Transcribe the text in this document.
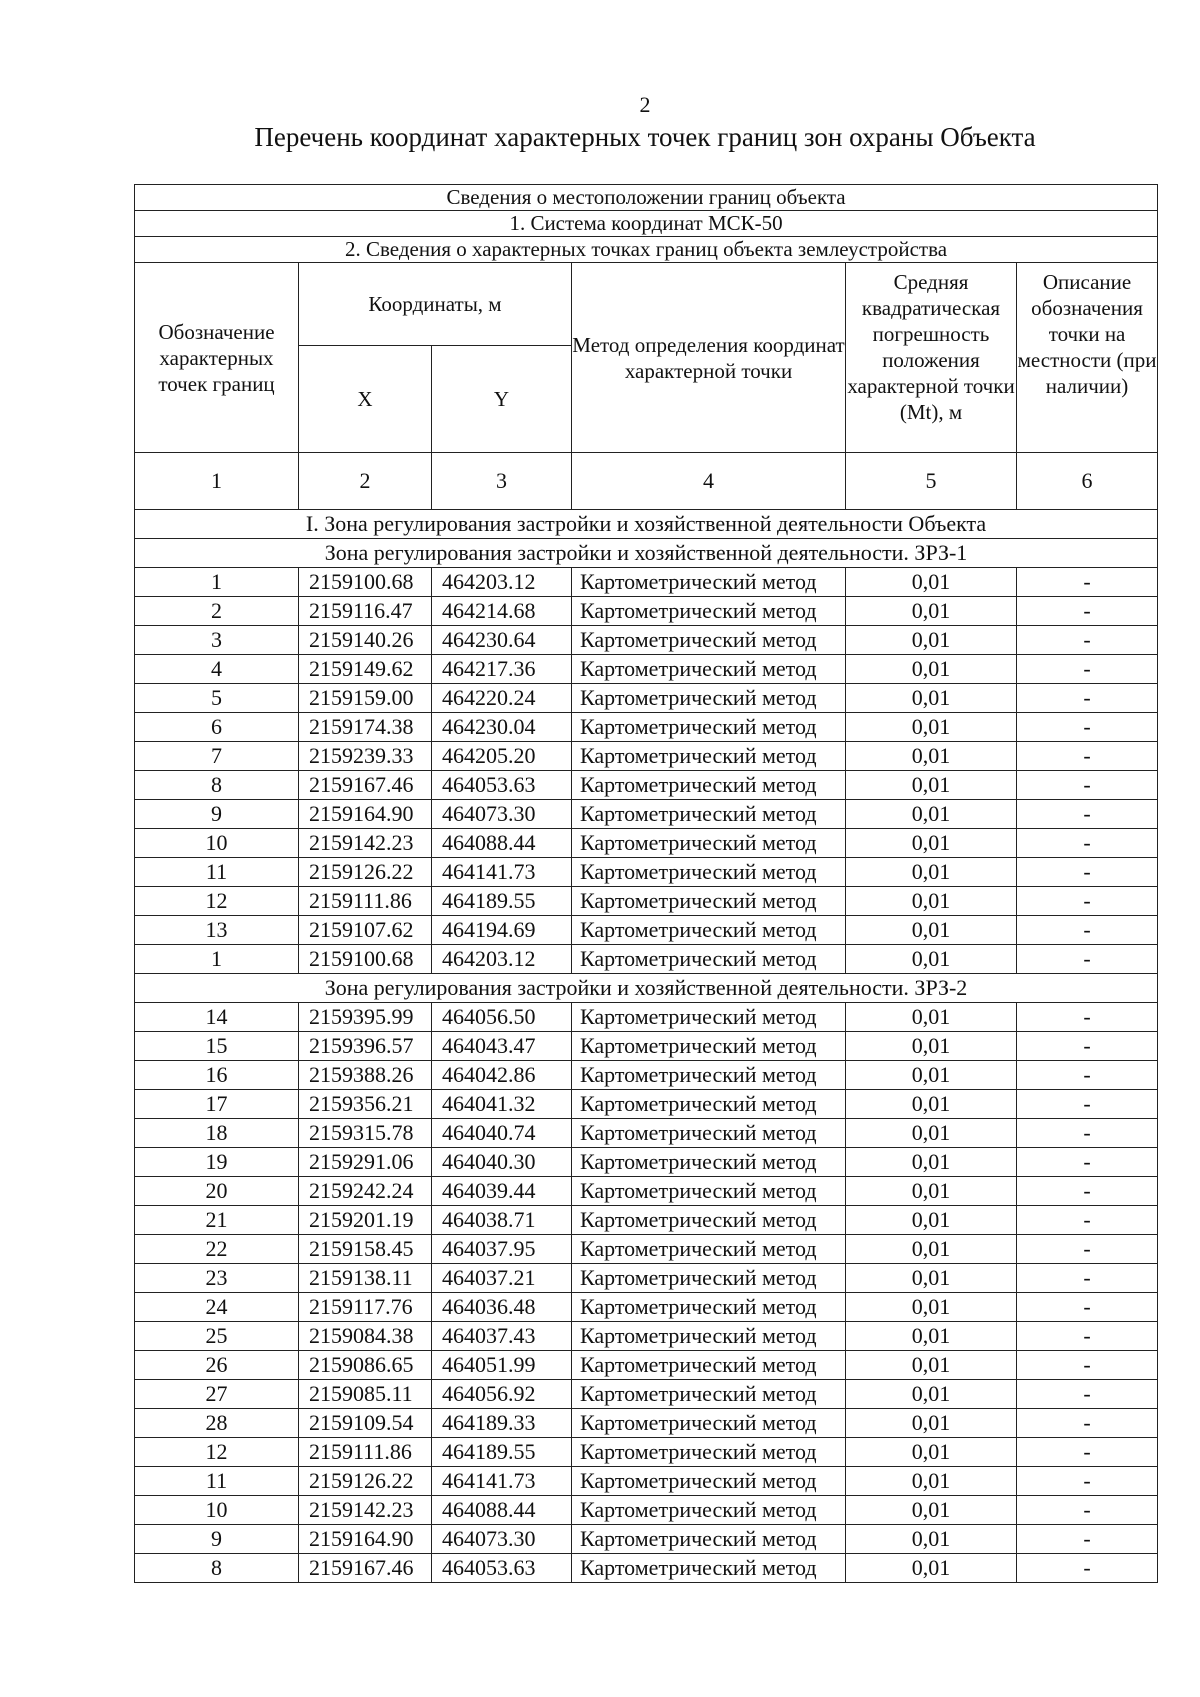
2
Перечень координат характерных точек границ зон охраны Объекта
Сведения о местоположении границ объекта					
1. Система координат МСК-50					
2. Сведения о характерных точках границ объекта землеустройства					
Обозначение характерных точек границ	Координаты, м		Метод определения координат характерной точки	Средняя квадратическая погрешность положения характерной точки (Mt), м	Описание обозначения точки на местности (при наличии)
	X	Y			
1	2	3	4	5	6
I. Зона регулирования застройки и хозяйственной деятельности Объекта					
Зона регулирования застройки и хозяйственной деятельности. ЗРЗ-1					
1	2159100.68	464203.12	Картометрический метод	0,01	-
2	2159116.47	464214.68	Картометрический метод	0,01	-
3	2159140.26	464230.64	Картометрический метод	0,01	-
4	2159149.62	464217.36	Картометрический метод	0,01	-
5	2159159.00	464220.24	Картометрический метод	0,01	-
6	2159174.38	464230.04	Картометрический метод	0,01	-
7	2159239.33	464205.20	Картометрический метод	0,01	-
8	2159167.46	464053.63	Картометрический метод	0,01	-
9	2159164.90	464073.30	Картометрический метод	0,01	-
10	2159142.23	464088.44	Картометрический метод	0,01	-
11	2159126.22	464141.73	Картометрический метод	0,01	-
12	2159111.86	464189.55	Картометрический метод	0,01	-
13	2159107.62	464194.69	Картометрический метод	0,01	-
1	2159100.68	464203.12	Картометрический метод	0,01	-
Зона регулирования застройки и хозяйственной деятельности. ЗРЗ-2					
14	2159395.99	464056.50	Картометрический метод	0,01	-
15	2159396.57	464043.47	Картометрический метод	0,01	-
16	2159388.26	464042.86	Картометрический метод	0,01	-
17	2159356.21	464041.32	Картометрический метод	0,01	-
18	2159315.78	464040.74	Картометрический метод	0,01	-
19	2159291.06	464040.30	Картометрический метод	0,01	-
20	2159242.24	464039.44	Картометрический метод	0,01	-
21	2159201.19	464038.71	Картометрический метод	0,01	-
22	2159158.45	464037.95	Картометрический метод	0,01	-
23	2159138.11	464037.21	Картометрический метод	0,01	-
24	2159117.76	464036.48	Картометрический метод	0,01	-
25	2159084.38	464037.43	Картометрический метод	0,01	-
26	2159086.65	464051.99	Картометрический метод	0,01	-
27	2159085.11	464056.92	Картометрический метод	0,01	-
28	2159109.54	464189.33	Картометрический метод	0,01	-
12	2159111.86	464189.55	Картометрический метод	0,01	-
11	2159126.22	464141.73	Картометрический метод	0,01	-
10	2159142.23	464088.44	Картометрический метод	0,01	-
9	2159164.90	464073.30	Картометрический метод	0,01	-
8	2159167.46	464053.63	Картометрический метод	0,01	-
